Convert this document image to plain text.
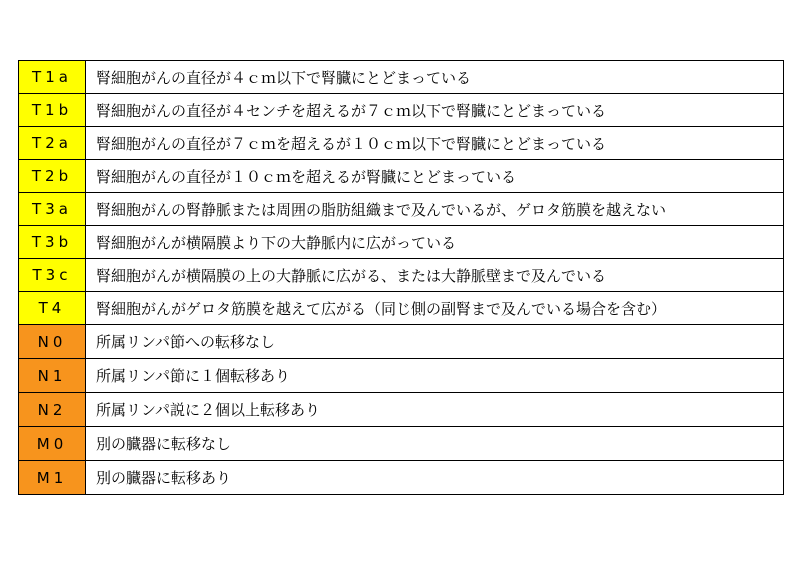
T1a	腎細胞がんの直径が４ｃｍ以下で腎臓にとどまっている
T1b	腎細胞がんの直径が４センチを超えるが７ｃｍ以下で腎臓にとどまっている
T2a	腎細胞がんの直径が７ｃｍを超えるが１０ｃｍ以下で腎臓にとどまっている
T2b	腎細胞がんの直径が１０ｃｍを超えるが腎臓にとどまっている
T3a	腎細胞がんの腎静脈または周囲の脂肪組織まで及んでいるが、ゲロタ筋膜を越えない
T3b	腎細胞がんが横隔膜より下の大静脈内に広がっている
T3c	腎細胞がんが横隔膜の上の大静脈に広がる、または大静脈壁まで及んでいる
T4	腎細胞がんがゲロタ筋膜を越えて広がる（同じ側の副腎まで及んでいる場合を含む）
N0	所属リンパ節への転移なし
N1	所属リンパ節に１個転移あり
N2	所属リンパ説に２個以上転移あり
M0	別の臓器に転移なし
M1	別の臓器に転移あり
